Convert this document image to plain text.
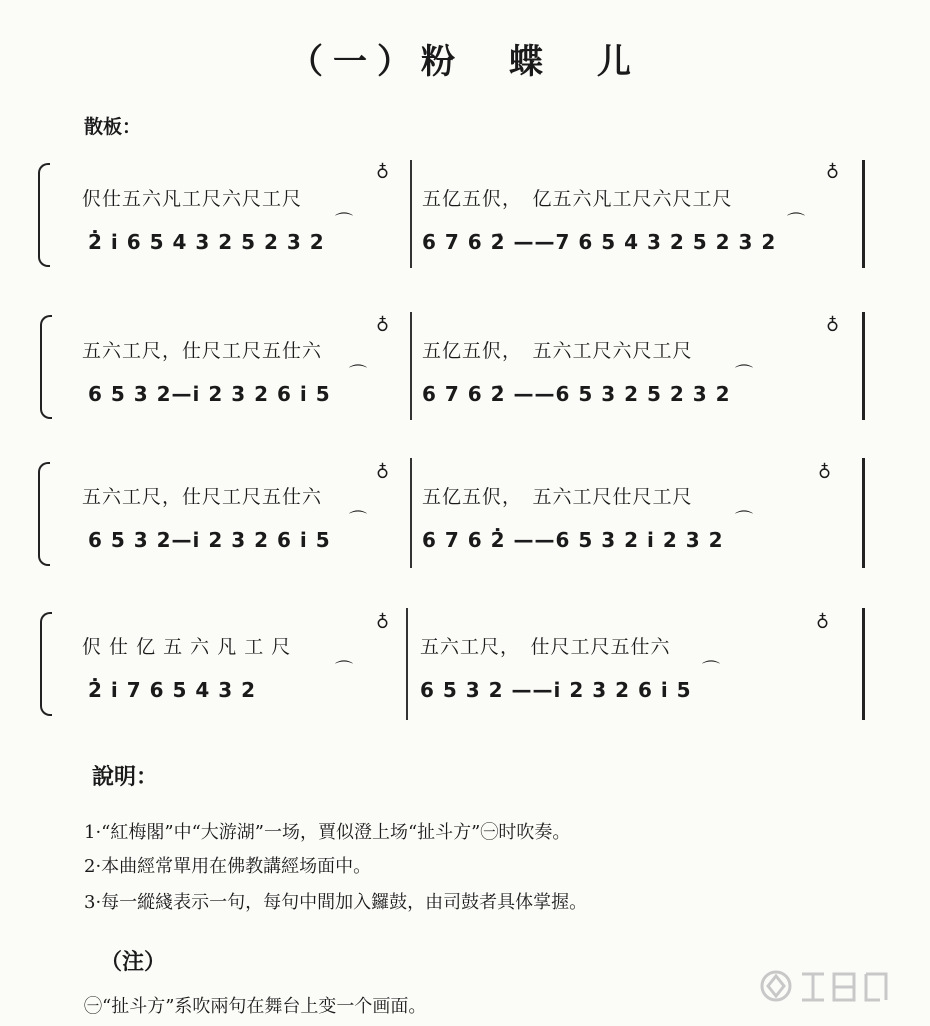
（一）粉　蝶　儿
散板：
♁	♁
伬仕五六凡工尺六尺工尺
2̇ i̇ 6 5 4 3 2 5 2 3 2
⌒
五亿五伬，　亿五六凡工尺六尺工尺
6 7 6 2̇ ——7 6 5 4 3 2 5 2 3 2
⌒
♁	♁
五六工尺，仕尺工尺五仕六
6 5 3 2—i̇ 2 3 2 6 i̇ 5
⌒
五亿五伬，　五六工尺六尺工尺
6 7 6 2̇ ——6 5 3 2 5 2 3 2
⌒
♁	♁
五六工尺，仕尺工尺五仕六
6 5 3 2—i̇ 2 3 2 6 i̇ 5
⌒
五亿五伬，　五六工尺仕尺工尺
6 7 6 2̇ ——6 5 3 2 i̇ 2 3 2
⌒
♁	♁
伬 仕 亿 五 六 凡 工 尺
2̇ i̇ 7 6 5 4 3 2
⌒
五六工尺，　仕尺工尺五仕六
6 5 3 2 ——i̇ 2 3 2 6 i̇ 5
⌒
說明：
1·“紅梅閣”中“大游湖”一场，賈似澄上场“扯斗方”㊀时吹奏。
2·本曲經常單用在佛教講經场面中。
3·每一縱綫表示一句，每句中間加入鑼鼓，由司鼓者具体掌握。
（注）
㊀“扯斗方”系吹兩句在舞台上变一个画面。
